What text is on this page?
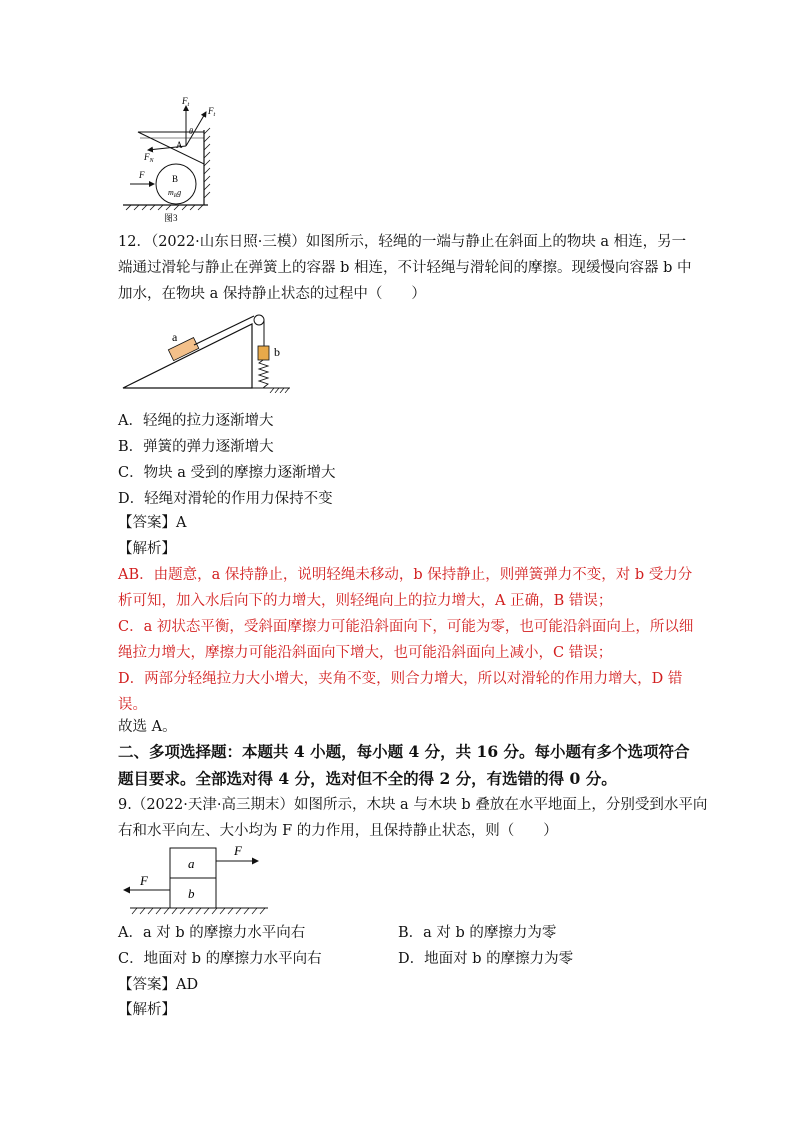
$F_t$
$F_t$
θ
A
$F_N$
F	B
$m_Bg$
图3
12．（2022·山东日照·三模）如图所示，轻绳的一端与静止在斜面上的物块 a 相连，另一
端通过滑轮与静止在弹簧上的容器 b 相连，不计轻绳与滑轮间的摩擦。现缓慢向容器 b 中
加水，在物块 a 保持静止状态的过程中（　　）
a
b
A．轻绳的拉力逐渐增大
B．弹簧的弹力逐渐增大
C．物块 a 受到的摩擦力逐渐增大
D．轻绳对滑轮的作用力保持不变
【答案】A
【解析】
AB．由题意，a 保持静止，说明轻绳未移动，b 保持静止，则弹簧弹力不变，对 b 受力分
析可知，加入水后向下的力增大，则轻绳向上的拉力增大，A 正确，B 错误；
C．a 初状态平衡，受斜面摩擦力可能沿斜面向下，可能为零，也可能沿斜面向上，所以细
绳拉力增大，摩擦力可能沿斜面向下增大，也可能沿斜面向上减小，C 错误；
D．两部分轻绳拉力大小增大，夹角不变，则合力增大，所以对滑轮的作用力增大，D 错
误。
故选 A。
二、多项选择题：本题共 4 小题，每小题 4 分，共 16 分。每小题有多个选项符合
题目要求。全部选对得 4 分，选对但不全的得 2 分，有选错的得 0 分。
9.（2022·天津·高三期末）如图所示，木块 a 与木块 b 叠放在水平地面上，分别受到水平向
右和水平向左、大小均为 F 的力作用，且保持静止状态，则（　　）
a
b
F
F
A．a 对 b 的摩擦力水平向右	B．a 对 b 的摩擦力为零
C．地面对 b 的摩擦力水平向右	D．地面对 b 的摩擦力为零
【答案】AD
【解析】
